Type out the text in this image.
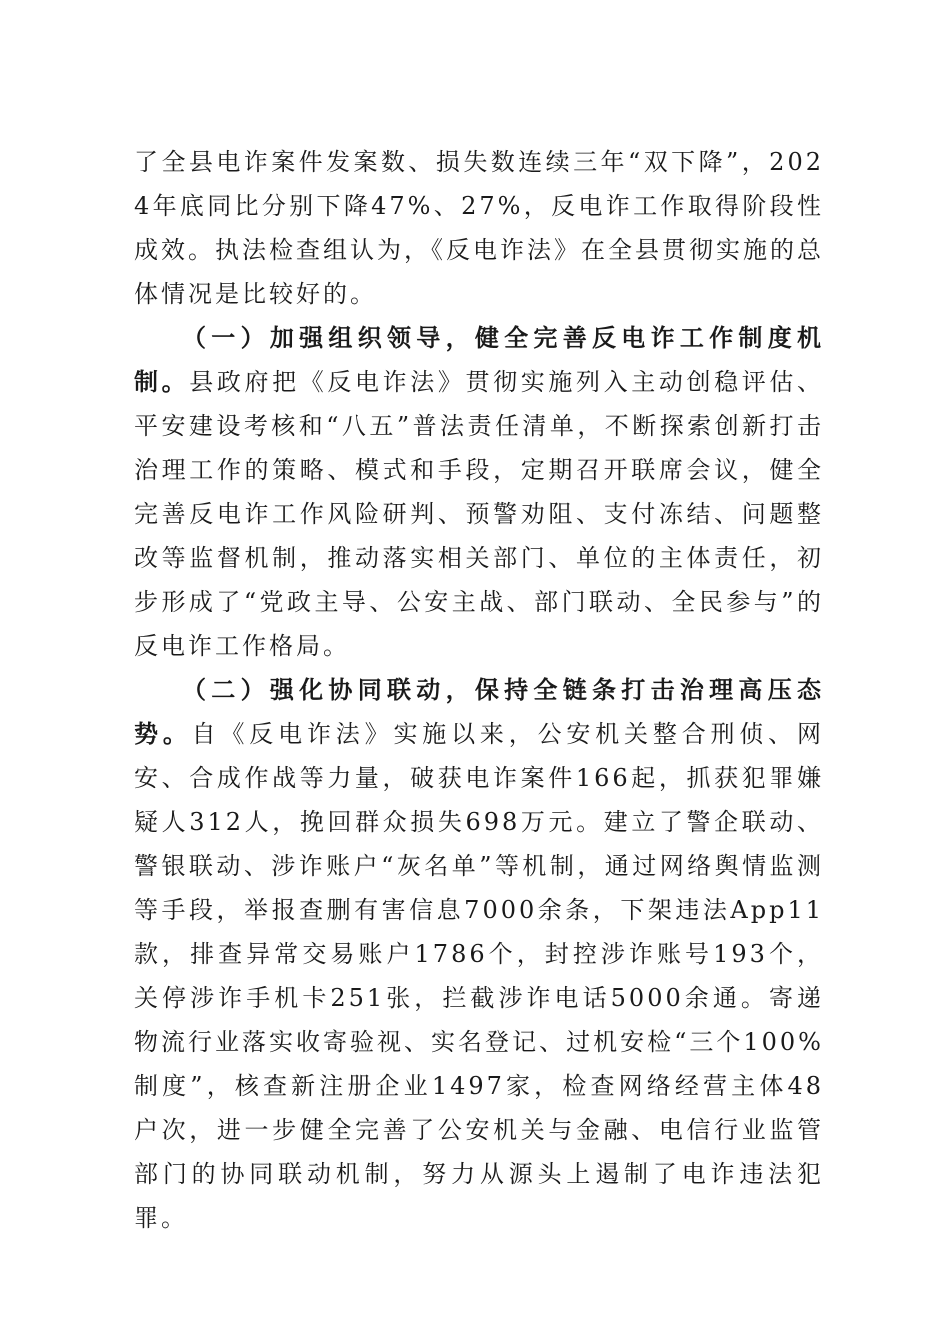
了全县电诈案件发案数、损失数连续三年“双下降”，2024年底同比分别下降47%、27%，反电诈工作取得阶段性成效。执法检查组认为，《反电诈法》在全县贯彻实施的总体情况是比较好的。

（一）加强组织领导，健全完善反电诈工作制度机制。县政府把《反电诈法》贯彻实施列入主动创稳评估、平安建设考核和“八五”普法责任清单，不断探索创新打击治理工作的策略、模式和手段，定期召开联席会议，健全完善反电诈工作风险研判、预警劝阻、支付冻结、问题整改等监督机制，推动落实相关部门、单位的主体责任，初步形成了“党政主导、公安主战、部门联动、全民参与”的反电诈工作格局。

（二）强化协同联动，保持全链条打击治理高压态势。自《反电诈法》实施以来，公安机关整合刑侦、网安、合成作战等力量，破获电诈案件166起，抓获犯罪嫌疑人312人，挽回群众损失698万元。建立了警企联动、警银联动、涉诈账户“灰名单”等机制，通过网络舆情监测等手段，举报查删有害信息7000余条，下架违法App11款，排查异常交易账户1786个，封控涉诈账号193个，关停涉诈手机卡251张，拦截涉诈电话5000余通。寄递物流行业落实收寄验视、实名登记、过机安检“三个100%制度”，核查新注册企业1497家，检查网络经营主体48户次，进一步健全完善了公安机关与金融、电信行业监管部门的协同联动机制，努力从源头上遏制了电诈违法犯罪。
